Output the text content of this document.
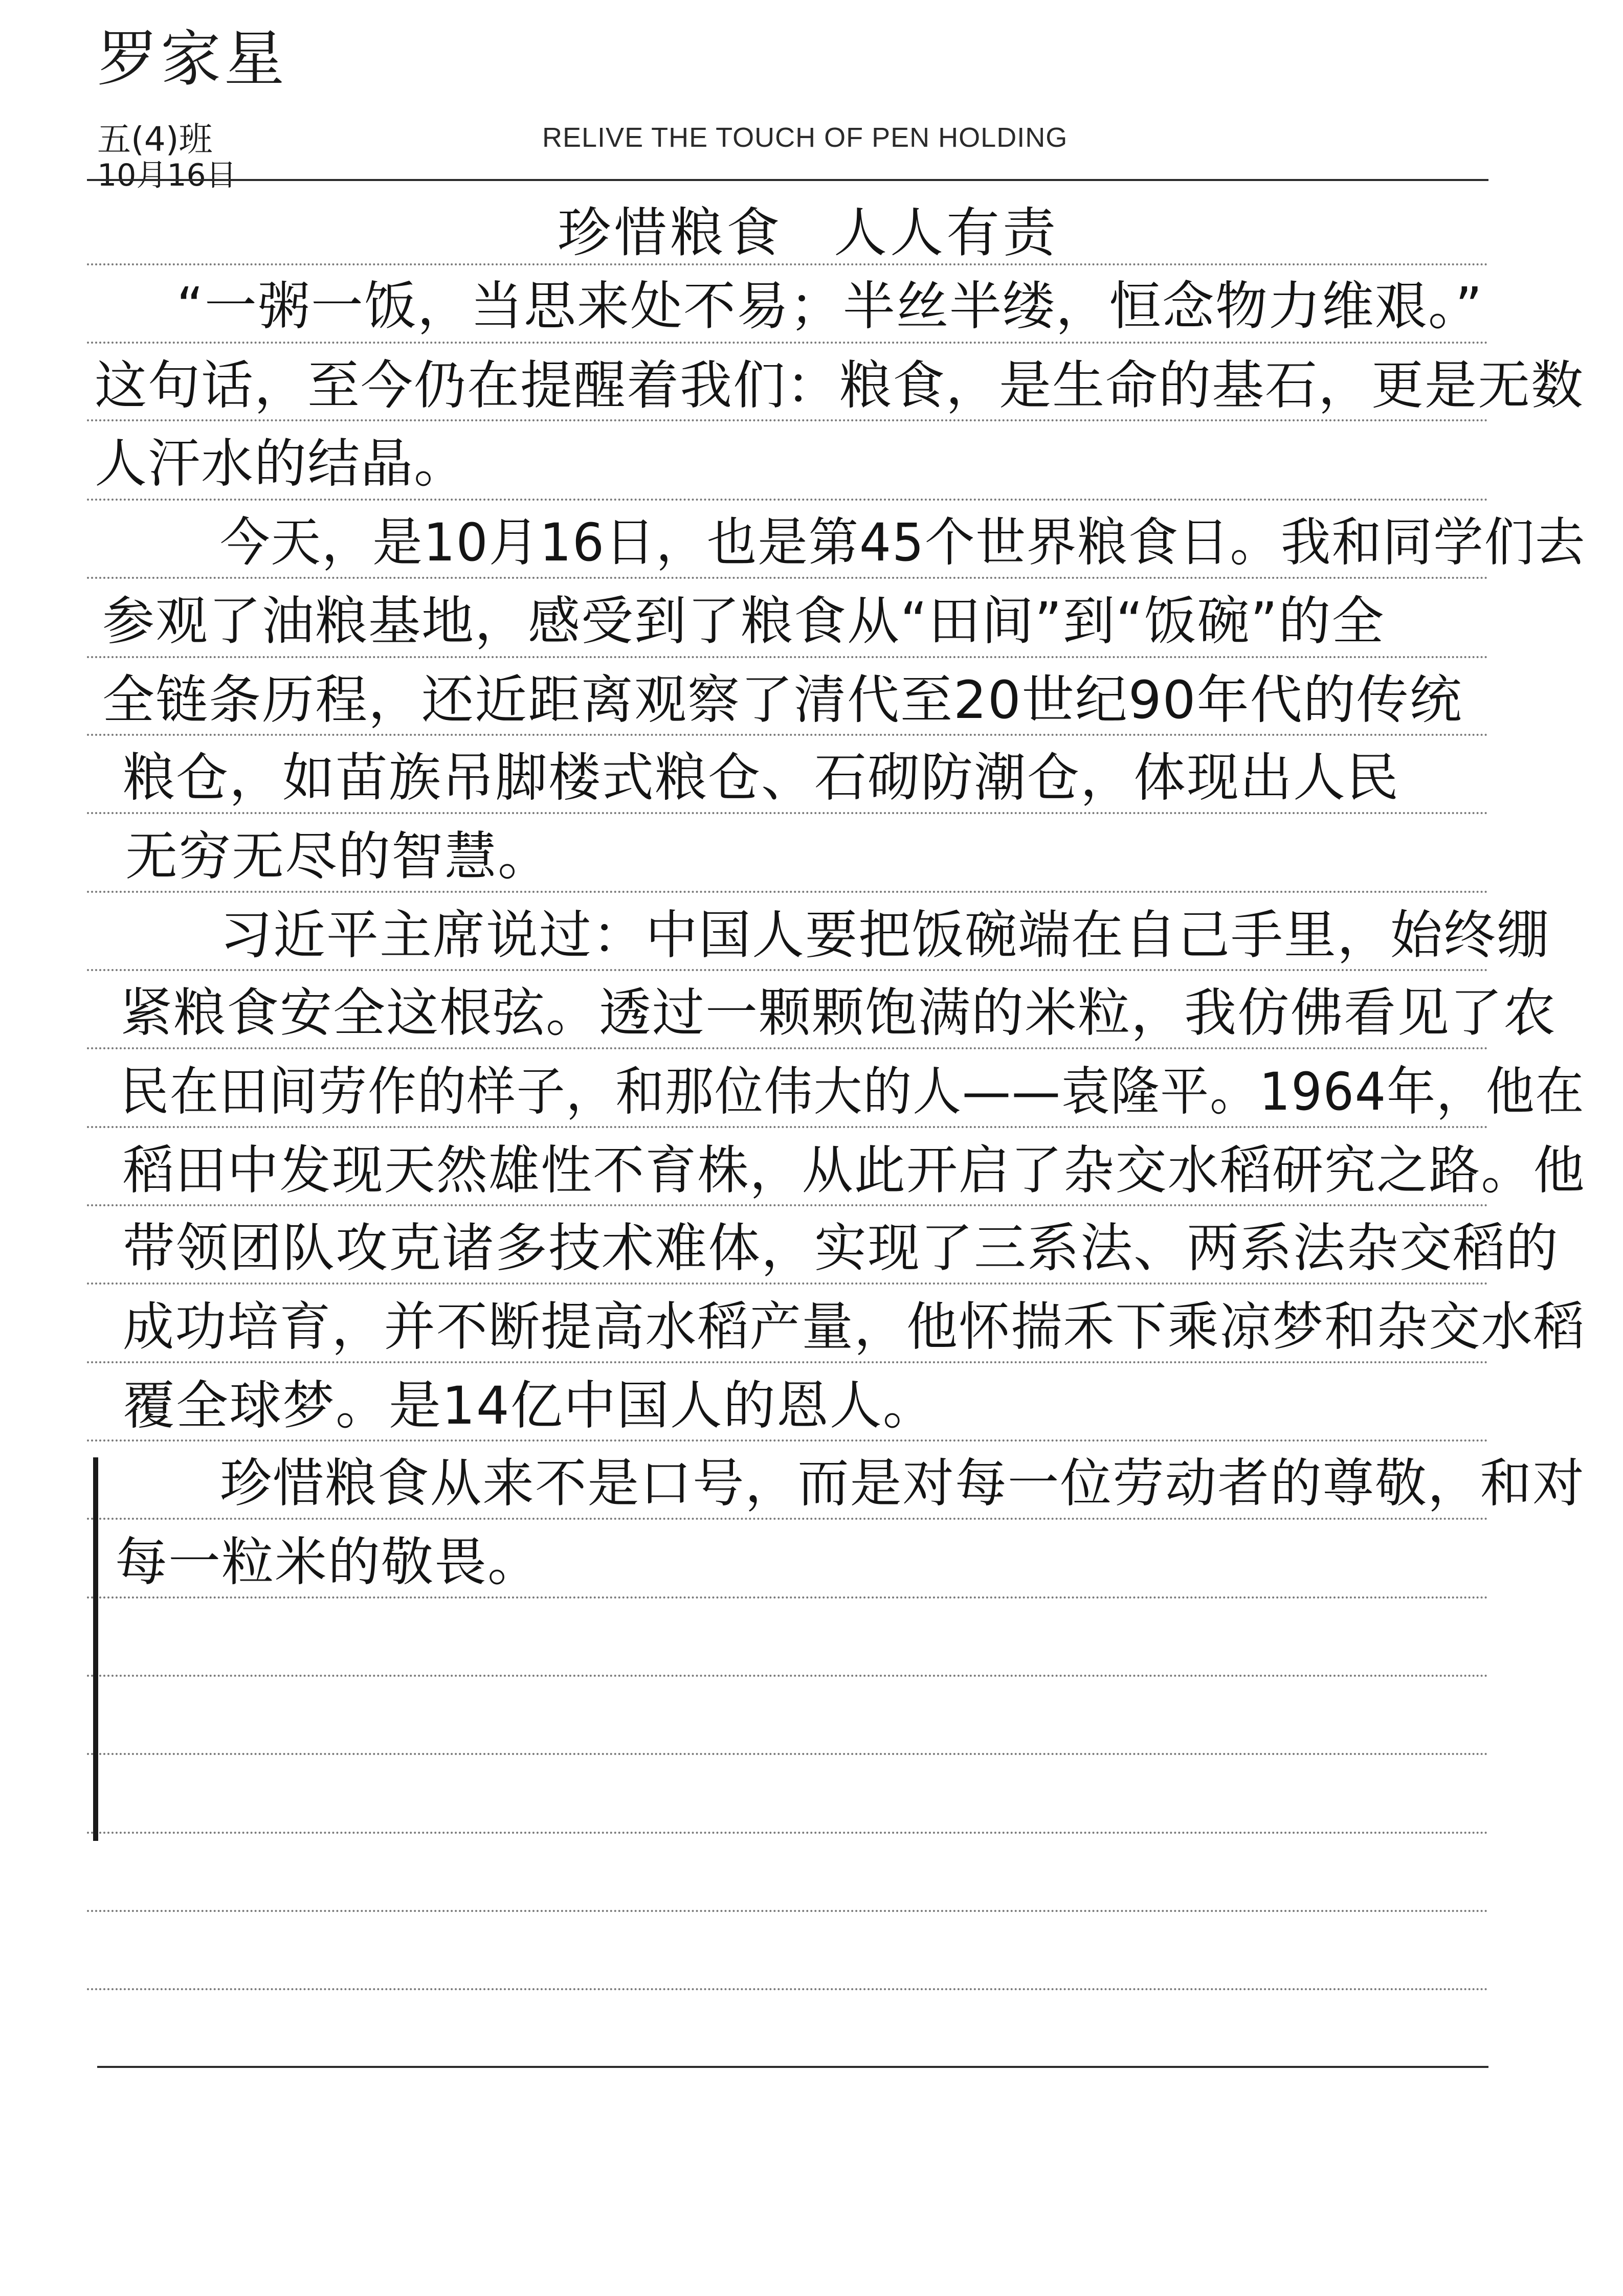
罗家星
五(4)班
10月16日
RELIVE THE TOUCH OF PEN HOLDING
珍惜粮食 人人有责
“一粥一饭，当思来处不易；半丝半缕，恒念物力维艰。”
这句话，至今仍在提醒着我们：粮食，是生命的基石，更是无数
人汗水的结晶。
今天，是10月16日，也是第45个世界粮食日。我和同学们去
参观了油粮基地，感受到了粮食从“田间”到“饭碗”的全
全链条历程，还近距离观察了清代至20世纪90年代的传统
粮仓，如苗族吊脚楼式粮仓、石砌防潮仓，体现出人民
无穷无尽的智慧。
习近平主席说过：中国人要把饭碗端在自己手里，始终绷
紧粮食安全这根弦。透过一颗颗饱满的米粒，我仿佛看见了农
民在田间劳作的样子，和那位伟大的人——袁隆平。1964年，他在
稻田中发现天然雄性不育株，从此开启了杂交水稻研究之路。他
带领团队攻克诸多技术难体，实现了三系法、两系法杂交稻的
成功培育，并不断提高水稻产量，他怀揣禾下乘凉梦和杂交水稻
覆全球梦。是14亿中国人的恩人。
珍惜粮食从来不是口号，而是对每一位劳动者的尊敬，和对
每一粒米的敬畏。
